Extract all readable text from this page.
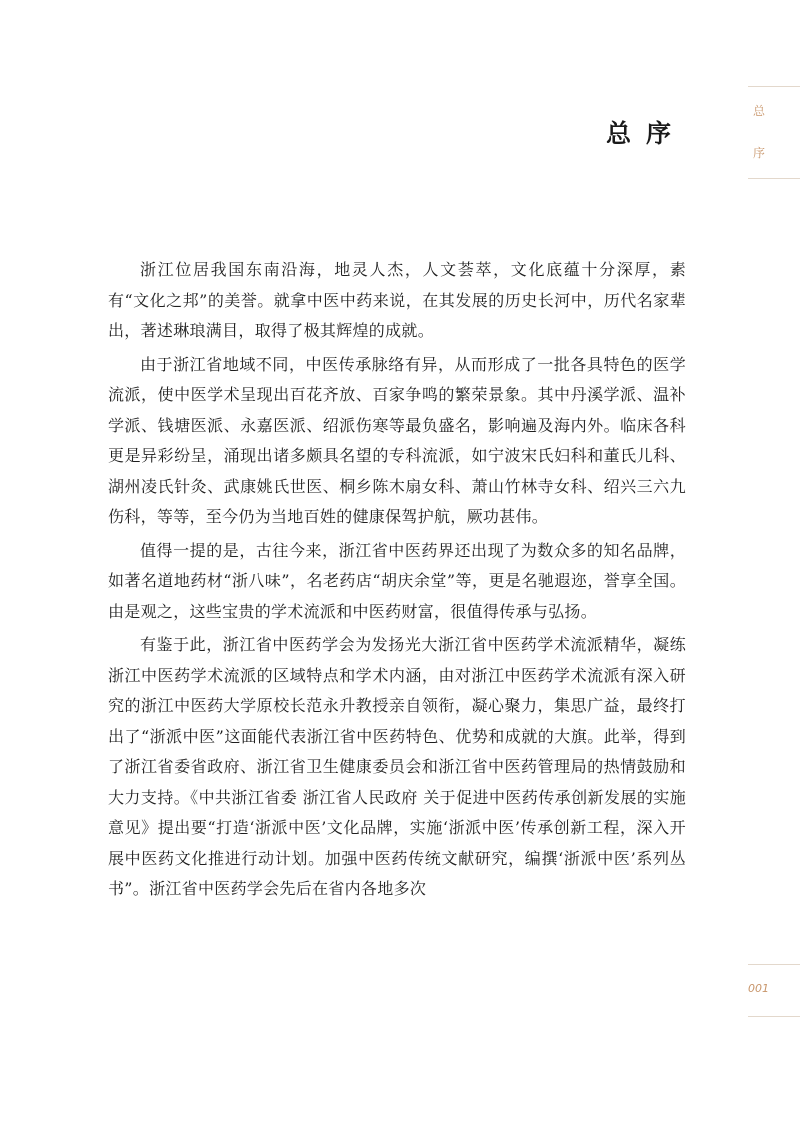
总
序
001
总序

浙江位居我国东南沿海，地灵人杰，人文荟萃，文化底蕴十分深厚，素有“文化之邦”的美誉。就拿中医中药来说，在其发展的历史长河中，历代名家辈出，著述琳琅满目，取得了极其辉煌的成就。

由于浙江省地域不同，中医传承脉络有异，从而形成了一批各具特色的医学流派，使中医学术呈现出百花齐放、百家争鸣的繁荣景象。其中丹溪学派、温补学派、钱塘医派、永嘉医派、绍派伤寒等最负盛名，影响遍及海内外。临床各科更是异彩纷呈，涌现出诸多颇具名望的专科流派，如宁波宋氏妇科和董氏儿科、湖州凌氏针灸、武康姚氏世医、桐乡陈木扇女科、萧山竹林寺女科、绍兴三六九伤科，等等，至今仍为当地百姓的健康保驾护航，厥功甚伟。

值得一提的是，古往今来，浙江省中医药界还出现了为数众多的知名品牌，如著名道地药材“浙八味”，名老药店“胡庆余堂”等，更是名驰遐迩，誉享全国。由是观之，这些宝贵的学术流派和中医药财富，很值得传承与弘扬。

有鉴于此，浙江省中医药学会为发扬光大浙江省中医药学术流派精华，凝练浙江中医药学术流派的区域特点和学术内涵，由对浙江中医药学术流派有深入研究的浙江中医药大学原校长范永升教授亲自领衔，凝心聚力，集思广益，最终打出了“浙派中医”这面能代表浙江省中医药特色、优势和成就的大旗。此举，得到了浙江省委省政府、浙江省卫生健康委员会和浙江省中医药管理局的热情鼓励和大力支持。《中共浙江省委 浙江省人民政府 关于促进中医药传承创新发展的实施意见》提出要“打造‘浙派中医’文化品牌，实施‘浙派中医’传承创新工程，深入开展中医药文化推进行动计划。加强中医药传统文献研究，编撰‘浙派中医’系列丛书”。浙江省中医药学会先后在省内各地多次
